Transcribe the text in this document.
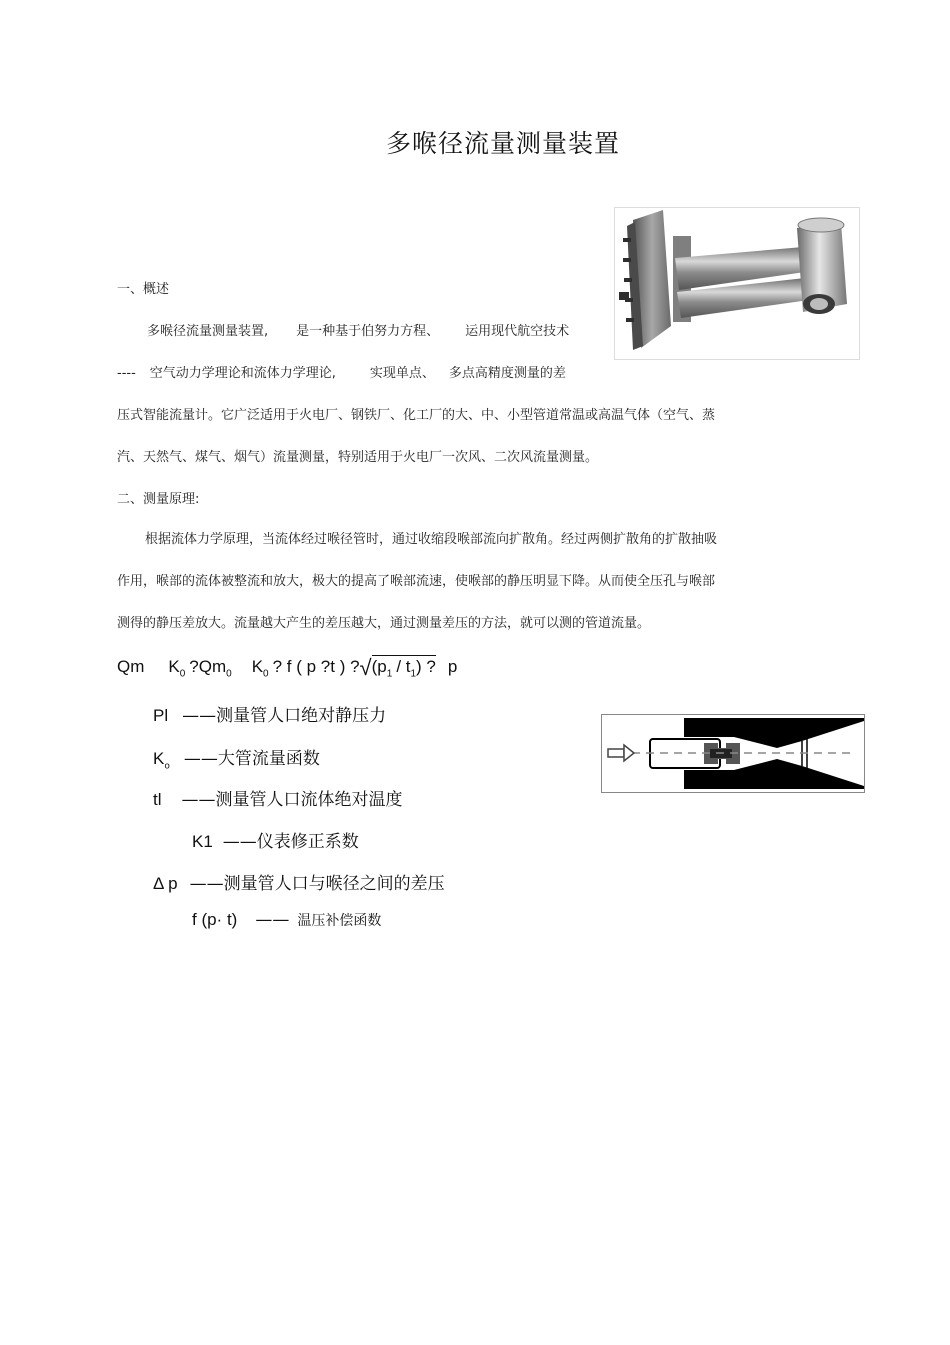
多喉径流量测量装置
一、概述
多喉径流量测量装置, 是一种基于伯努力方程、 运用现代航空技术
---- 空气动力学理论和流体力学理论,	实现单点、 多点高精度测量的差
压式智能流量计。它广泛适用于火电厂、钢铁厂、化工厂的大、中、小型管道常温或高温气体（空气、蒸
汽、天然气、煤气、烟气）流量测量，特别适用于火电厂一次风、二次风流量测量。
二、测量原理:
根据流体力学原理，当流体经过喉径管时，通过收缩段喉部流向扩散角。经过两侧扩散角的扩散抽吸
作用，喉部的流体被整流和放大，极大的提高了喉部流速，使喉部的静压明显下降。从而使全压孔与喉部
测得的静压差放大。流量越大产生的差压越大，通过测量差压的方法，就可以测的管道流量。
Qm $K_0$ $?Qm_0$ $K_0$ ? f ( p ?t ) $?√(p_1 / t_1)$ ? p
Pl ——测量管人口绝对静压力
$K_o$ ——大管流量函数
tl ——测量管人口流体绝对温度
K1 ——仪表修正系数
Δ p ——测量管人口与喉径之间的差压
f (p· t) —— 温压补偿函数
